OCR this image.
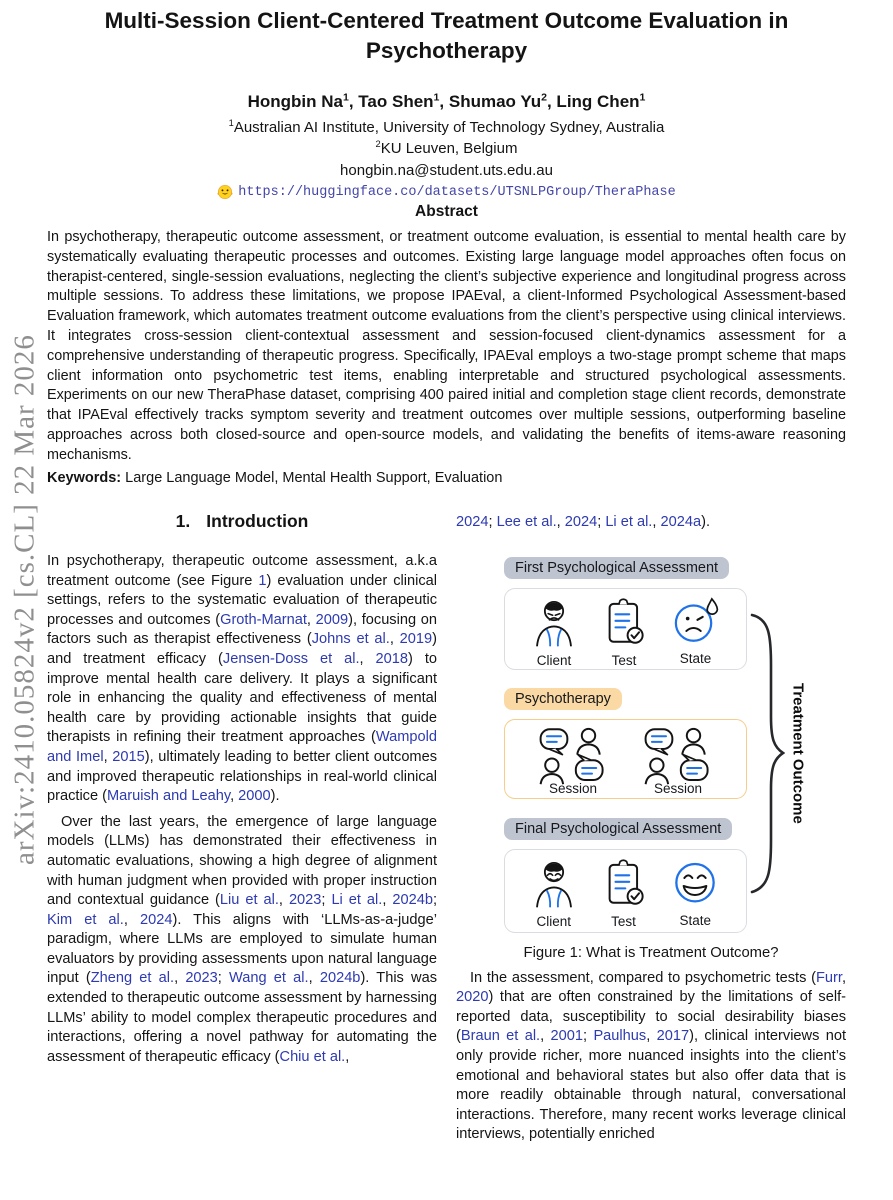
arXiv:2410.05824v2 [cs.CL] 22 Mar 2026
Multi-Session Client-Centered Treatment Outcome Evaluation in
Psychotherapy
Hongbin Na$^1$, Tao Shen$^1$, Shumao Yu$^2$, Ling Chen$^1$
$^1$Australian AI Institute, University of Technology Sydney, Australia
$^2$KU Leuven, Belgium
hongbin.na@student.uts.edu.au
https://huggingface.co/datasets/UTSNLPGroup/TheraPhase
Abstract

In psychotherapy, therapeutic outcome assessment, or treatment outcome evaluation, is essential to mental health care by systematically evaluating therapeutic processes and outcomes. Existing large language model approaches often focus on therapist-centered, single-session evaluations, neglecting the client’s subjective experience and longitudinal progress across multiple sessions. To address these limitations, we propose IPAEval, a client-Informed Psychological Assessment-based Evaluation framework, which automates treatment outcome evaluations from the client’s perspective using clinical interviews. It integrates cross-session client-contextual assessment and session-focused client-dynamics assessment for a comprehensive understanding of therapeutic progress. Specifically, IPAEval employs a two-stage prompt scheme that maps client information onto psychometric test items, enabling interpretable and structured psychological assessments. Experiments on our new TheraPhase dataset, comprising 400 paired initial and completion stage client records, demonstrate that IPAEval effectively tracks symptom severity and treatment outcomes over multiple sessions, outperforming baseline approaches across both closed-source and open-source models, and validating the benefits of items-aware reasoning mechanisms.

Keywords: Large Language Model, Mental Health Support, Evaluation
1. Introduction

In psychotherapy, therapeutic outcome assessment, a.k.a treatment outcome (see Figure 1) evaluation under clinical settings, refers to the systematic evaluation of therapeutic processes and outcomes (Groth-Marnat, 2009), focusing on factors such as therapist effectiveness (Johns et al., 2019) and treatment efficacy (Jensen-Doss et al., 2018) to improve mental health care delivery. It plays a significant role in enhancing the quality and effectiveness of mental health care by providing actionable insights that guide therapists in refining their treatment approaches (Wampold and Imel, 2015), ultimately leading to better client outcomes and improved therapeutic relationships in real-world clinical practice (Maruish and Leahy, 2000).

Over the last years, the emergence of large language models (LLMs) has demonstrated their effectiveness in automatic evaluations, showing a high degree of alignment with human judgment when provided with proper instruction and contextual guidance (Liu et al., 2023; Li et al., 2024b; Kim et al., 2024). This aligns with ‘LLMs-as-a-judge’ paradigm, where LLMs are employed to simulate human evaluators by providing assessments upon natural language input (Zheng et al., 2023; Wang et al., 2024b). This was extended to therapeutic outcome assessment by harnessing LLMs’ ability to model complex therapeutic procedures and interactions, offering a novel pathway for automating the assessment of therapeutic efficacy (Chiu et al.,

2024; Lee et al., 2024; Li et al., 2024a).

First Psychological Assessment
Client	Test	State
Psychotherapy
Session	Session
Final Psychological Assessment
Client	Test	State
Treatment Outcome
Figure 1: What is Treatment Outcome?

In the assessment, compared to psychometric tests (Furr, 2020) that are often constrained by the limitations of self-reported data, susceptibility to social desirability biases (Braun et al., 2001; Paulhus, 2017), clinical interviews not only provide richer, more nuanced insights into the client’s emotional and behavioral states but also offer data that is more readily obtainable through natural, conversational interactions. Therefore, many recent works leverage clinical interviews, potentially enriched
